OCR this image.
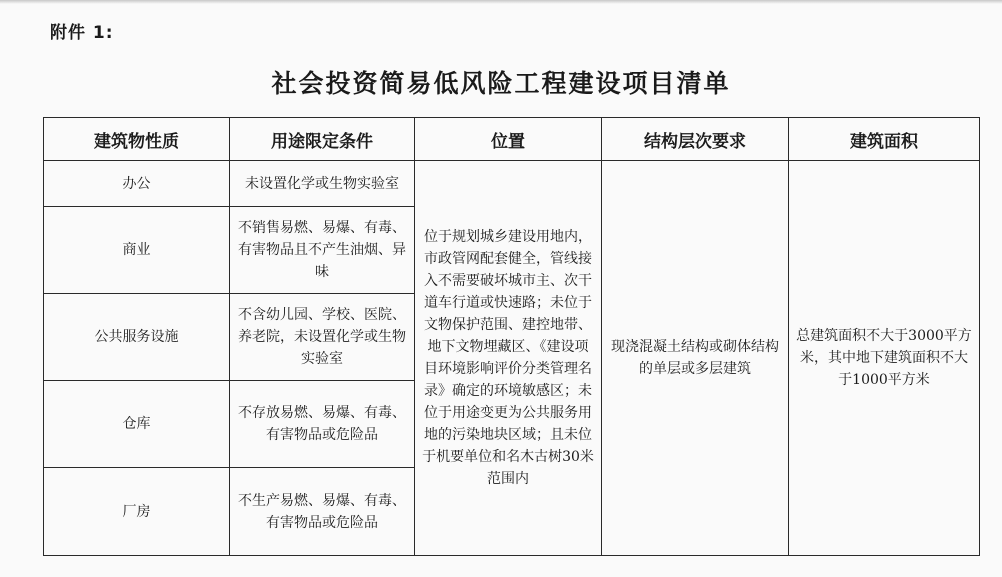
附件 1:
社会投资简易低风险工程建设项目清单
建筑物性质	用途限定条件	位置	结构层次要求	建筑面积
办公	未设置化学或生物实验室	位于规划城乡建设用地内，市政管网配套健全，管线接入不需要破坏城市主、次干道车行道或快速路；未位于文物保护范围、建控地带、地下文物埋藏区、《建设项目环境影响评价分类管理名录》确定的环境敏感区；未位于用途变更为公共服务用地的污染地块区域；且未位于机要单位和名木古树30米范围内	现浇混凝土结构或砌体结构的单层或多层建筑	总建筑面积不大于3000平方米，其中地下建筑面积不大于1000平方米
商业	不销售易燃、易爆、有毒、有害物品且不产生油烟、异味			
公共服务设施	不含幼儿园、学校、医院、养老院，未设置化学或生物实验室			
仓库	不存放易燃、易爆、有毒、有害物品或危险品			
厂房	不生产易燃、易爆、有毒、有害物品或危险品			
